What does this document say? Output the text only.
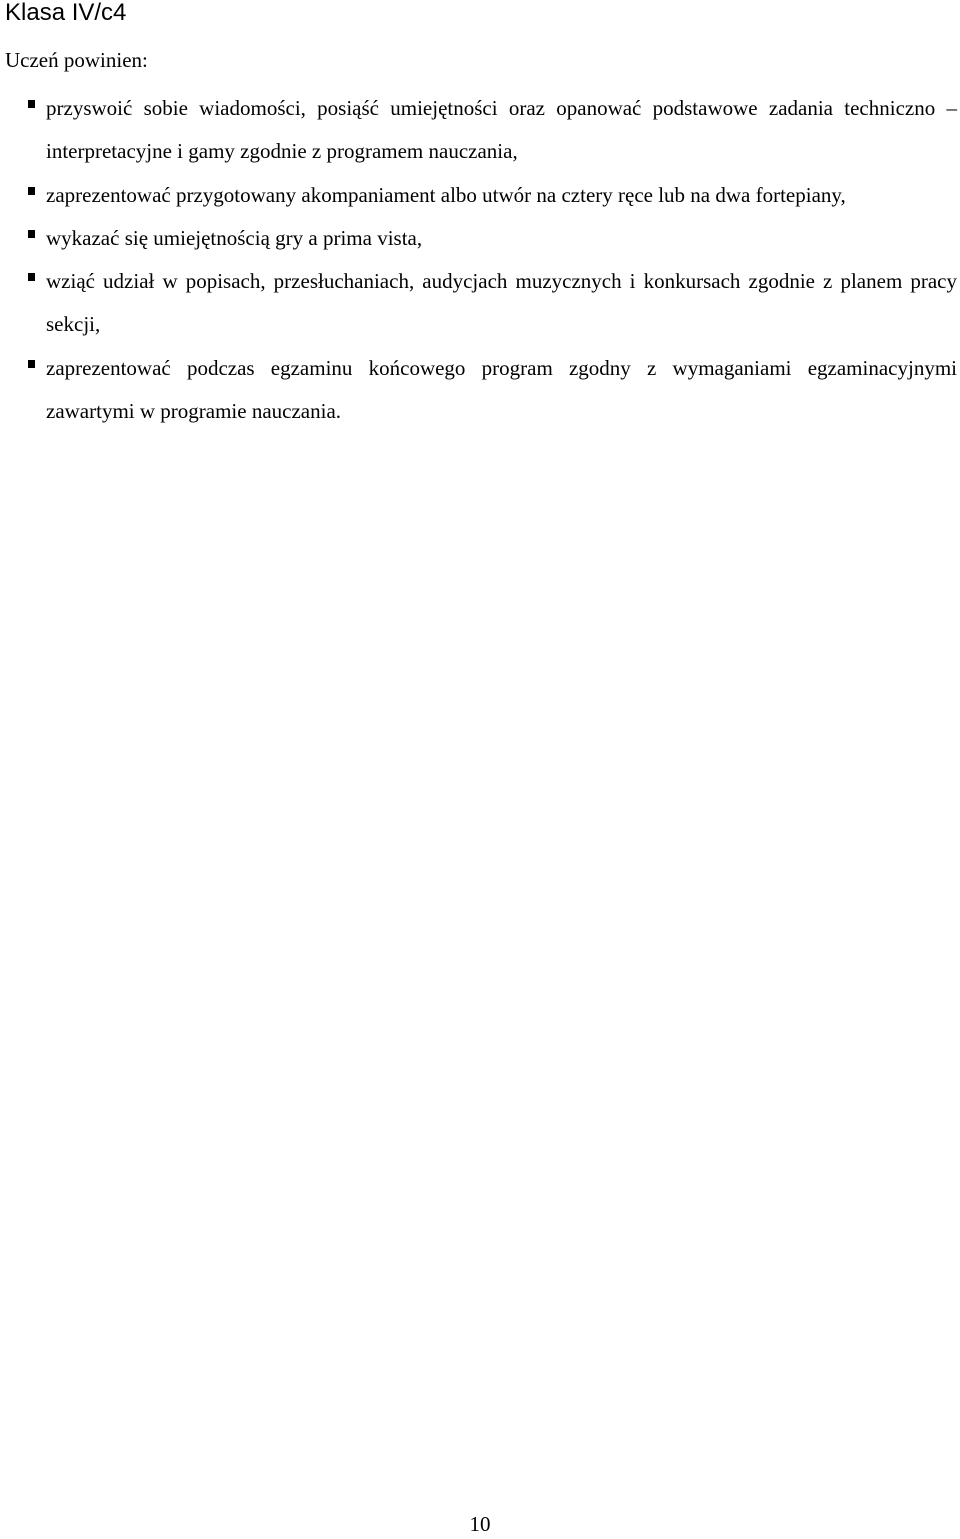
Klasa IV/c4

Uczeń powinien:

przyswoić sobie wiadomości, posiąść umiejętności oraz opanować podstawowe zadania techniczno – interpretacyjne i gamy zgodnie z programem nauczania,
zaprezentować przygotowany akompaniament albo utwór na cztery ręce lub na dwa fortepiany,
wykazać się umiejętnością gry a prima vista,
wziąć udział w popisach, przesłuchaniach, audycjach muzycznych i konkursach zgodnie z planem pracy sekcji,
zaprezentować podczas egzaminu końcowego program zgodny z wymaganiami egzaminacyjnymi zawartymi w programie nauczania.
10
